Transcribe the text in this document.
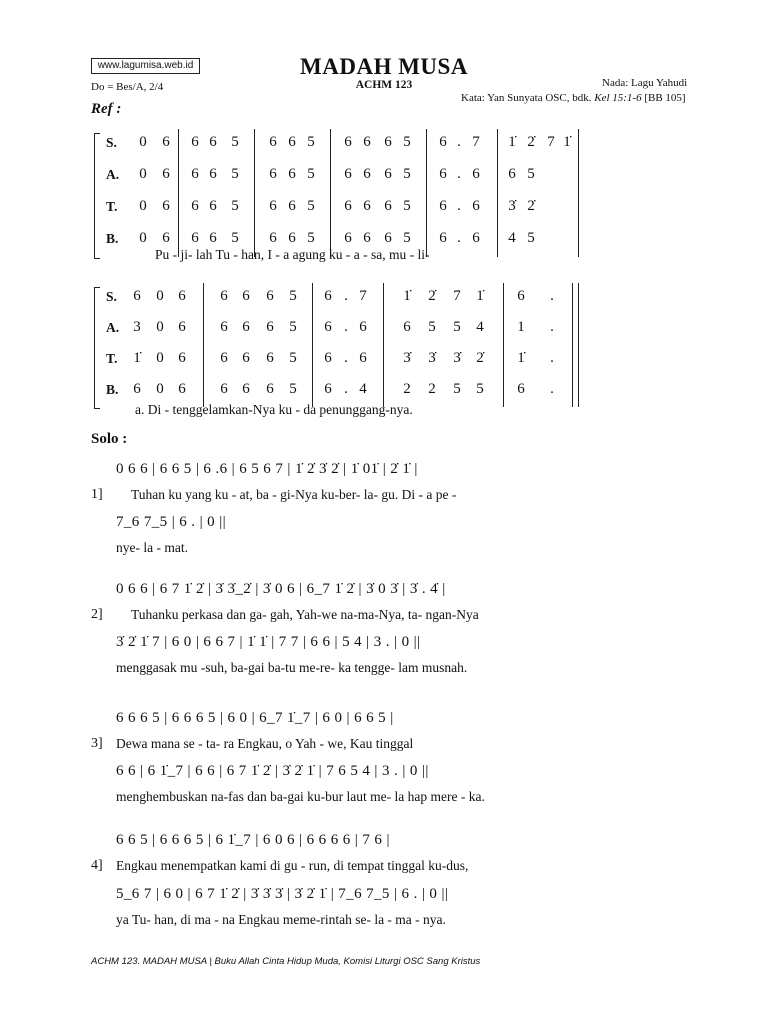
www.lagumisa.web.id	MADAH MUSA
ACHM 123
Do = Bes/A, 2/4	Nada: Lagu Yahudi
Kata: Yan Sunyata OSC, bdk. Kel 15:1-6 [BB 105]
Ref :
S. 0 6 6 6 5 6 6 5 6 6 6 5 6 . 7 1̇ 2̇ 7 1̇
A. 0 6 6 6 5 6 6 5 6 6 6 5 6 . 6 6 5
T. 0 6 6 6 5 6 6 5 6 6 6 5 6 . 6 3̇ 2̇
B. 0 6 6 6 5 6 6 5 6 6 6 5 6 . 6 4 5
Pu - ji- lah Tu - han, I - a agung ku - a - sa, mu - li-
S. 6 0 6 6 6 6 5 6 . 7 1̇ 2̇ 7 1̇ 6	.
A. 3 0 6 6 6 6 5 6 . 6 6 5 5 4 1	.
T. 1̇ 0 6 6 6 6 5 6 . 6 3̇ 3̇ 3̇ 2̇ 1̇	.
B. 6 0 6 6 6 6 5 6 . 4 2 2 5 5 6	.
a. Di - tenggelamkan-Nya ku - da penunggang-nya.
Solo :
0 6 6 | 6 6 5 | 6 .6 | 6 5 6 7 | 1̇ 2̇ 3̇ 2̇ | 1̇ 01̇ | 2̇ 1̇ |
1] Tuhan ku yang ku - at, ba - gi-Nya ku-ber- la- gu. Di - a pe -
7_6 7_5 | 6 . | 0 ||
nye- la - mat.
0 6 6 | 6 7 1̇ 2̇ | 3̇ 3̇_2̇ | 3̇ 0 6 | 6_7 1̇ 2̇ | 3̇ 0 3̇ | 3̇ . 4̇ |
2] Tuhanku perkasa dan ga- gah, Yah-we na-ma-Nya, ta- ngan-Nya
3̇ 2̇ 1̇ 7 | 6 0 | 6 6 7 | 1̇ 1̇ | 7 7 | 6 6 | 5 4 | 3 . | 0 ||
menggasak mu -suh, ba-gai ba-tu me-re- ka tengge- lam musnah.
6 6 6 5 | 6 6 6 5 | 6 0 | 6_7 1̇_7 | 6 0 | 6 6 5 |
3] Dewa mana se - ta- ra Engkau, o Yah - we, Kau tinggal
6 6 | 6 1̇_7 | 6 6 | 6 7 1̇ 2̇ | 3̇ 2̇ 1̇ | 7 6 5 4 | 3 . | 0 ||
menghembuskan na-fas dan ba-gai ku-bur laut me- la hap mere - ka.
6 6 5 | 6 6 6 5 | 6 1̇_7 | 6 0 6 | 6 6 6 6 | 7 6 |
4] Engkau menempatkan kami di gu - run, di tempat tinggal ku-dus,
5_6 7 | 6 0 | 6 7 1̇ 2̇ | 3̇ 3̇ 3̇ | 3̇ 2̇ 1̇ | 7_6 7_5 | 6 . | 0 ||
ya Tu- han, di ma - na Engkau meme-rintah se- la - ma - nya.
ACHM 123. MADAH MUSA | Buku Allah Cinta Hidup Muda, Komisi Liturgi OSC Sang Kristus
